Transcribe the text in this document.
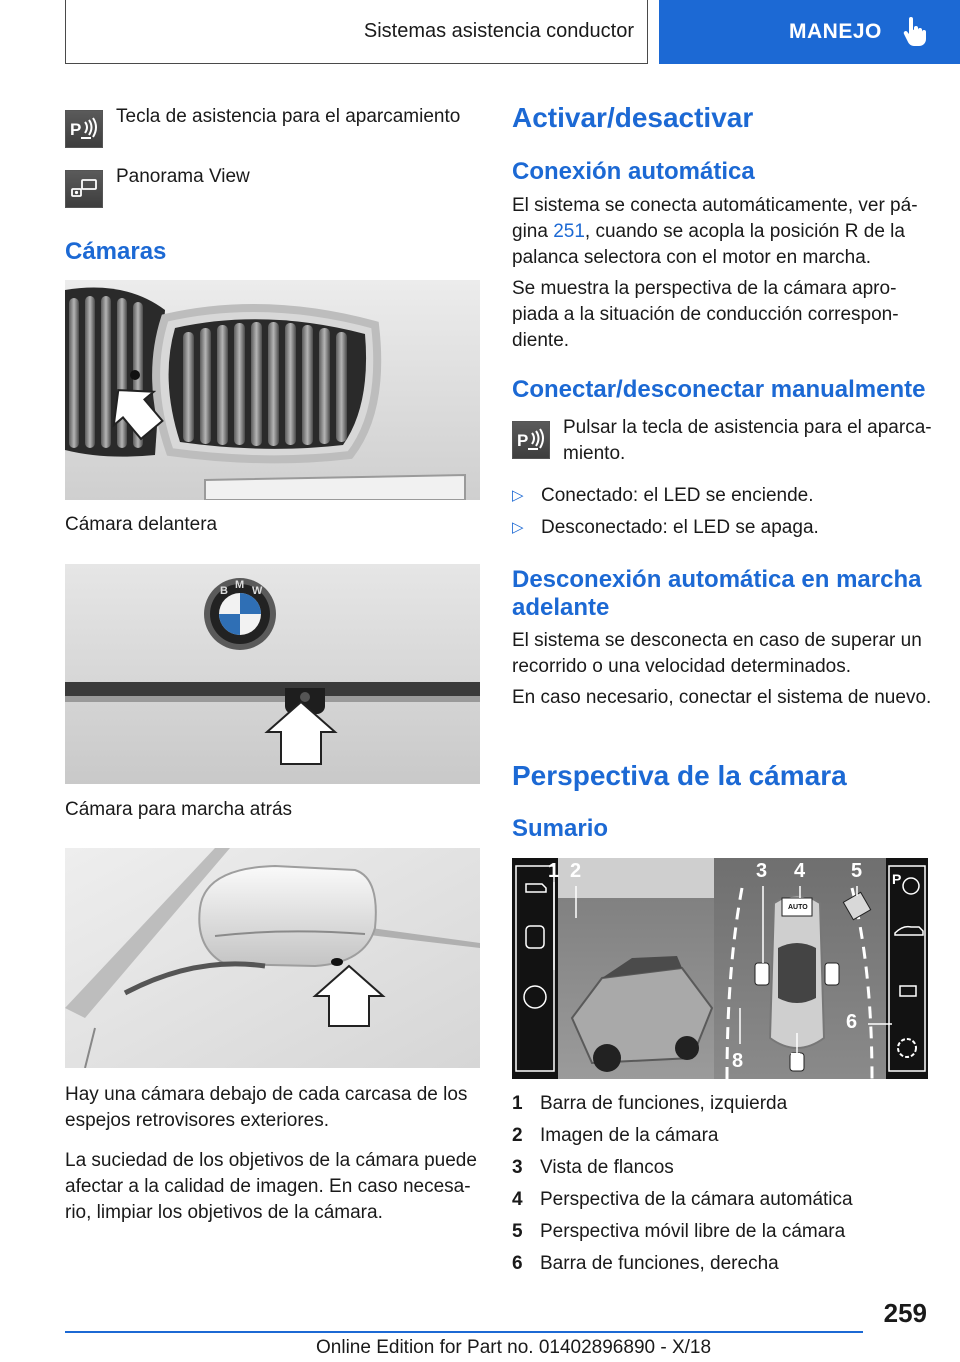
Sistemas asistencia conductor	MANEJO
P
Tecla de asistencia para el aparcamiento
Panorama View
Cámaras
Cámara delantera
B M W
Cámara para marcha atrás
Hay una cámara debajo de cada carcasa de los espejos retrovisores exteriores.
La suciedad de los objetivos de la cámara puede afectar a la calidad de imagen. En caso necesa- rio, limpiar los objetivos de la cámara.
Activar/desactivar
Conexión automática
El sistema se conecta automáticamente, ver pá- gina 251, cuando se acopla la posición R de la palanca selectora con el motor en marcha.
Se muestra la perspectiva de la cámara apro- piada a la situación de conducción correspon- diente.
Conectar/desconectar manualmente
P
Pulsar la tecla de asistencia para el aparca- miento.
▷ Conectado: el LED se enciende.
▷ Desconectado: el LED se apaga.
Desconexión automática en marcha adelante
El sistema se desconecta en caso de superar un recorrido o una velocidad determinados.
En caso necesario, conectar el sistema de nuevo.
Perspectiva de la cámara
Sumario
P
1 2	3 4 5
6
7
8
AUTO
1 Barra de funciones, izquierda
2 Imagen de la cámara
3 Vista de flancos
4 Perspectiva de la cámara automática
5 Perspectiva móvil libre de la cámara
6 Barra de funciones, derecha
259
Online Edition for Part no. 01402896890 - X/18
